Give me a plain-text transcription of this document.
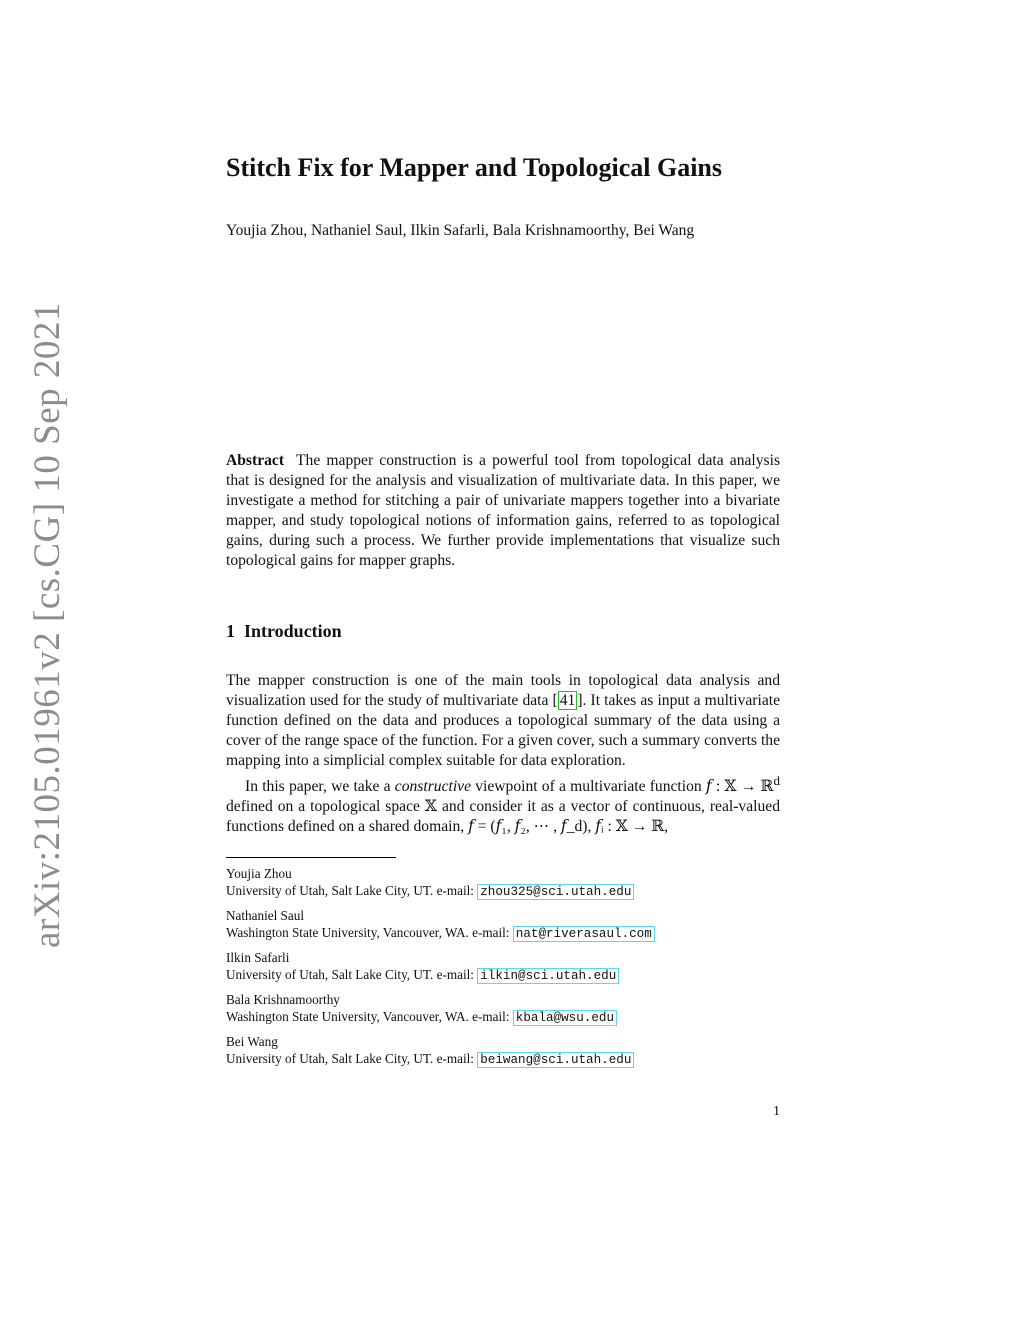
arXiv:2105.01961v2 [cs.CG] 10 Sep 2021
Stitch Fix for Mapper and Topological Gains
Youjia Zhou, Nathaniel Saul, Ilkin Safarli, Bala Krishnamoorthy, Bei Wang
Abstract The mapper construction is a powerful tool from topological data analysis that is designed for the analysis and visualization of multivariate data. In this paper, we investigate a method for stitching a pair of univariate mappers together into a bivariate mapper, and study topological notions of information gains, referred to as topological gains, during such a process. We further provide implementations that visualize such topological gains for mapper graphs.
1 Introduction
The mapper construction is one of the main tools in topological data analysis and visualization used for the study of multivariate data [ 41 ]. It takes as input a multivariate function defined on the data and produces a topological summary of the data using a cover of the range space of the function. For a given cover, such a summary converts the mapping into a simplicial complex suitable for data exploration.
In this paper, we take a constructive viewpoint of a multivariate function 𝑓 : 𝕏 → ℝ$^d$ defined on a topological space 𝕏 and consider it as a vector of continuous, real-valued functions defined on a shared domain, 𝑓 = (𝑓₁, 𝑓₂, ⋯ , 𝑓_d), 𝑓ᵢ : 𝕏 → ℝ,
Youjia Zhou
University of Utah, Salt Lake City, UT. e-mail: zhou325@sci.utah.edu
Nathaniel Saul
Washington State University, Vancouver, WA. e-mail: nat@riverasaul.com
Ilkin Safarli
University of Utah, Salt Lake City, UT. e-mail: ilkin@sci.utah.edu
Bala Krishnamoorthy
Washington State University, Vancouver, WA. e-mail: kbala@wsu.edu
Bei Wang
University of Utah, Salt Lake City, UT. e-mail: beiwang@sci.utah.edu
1
